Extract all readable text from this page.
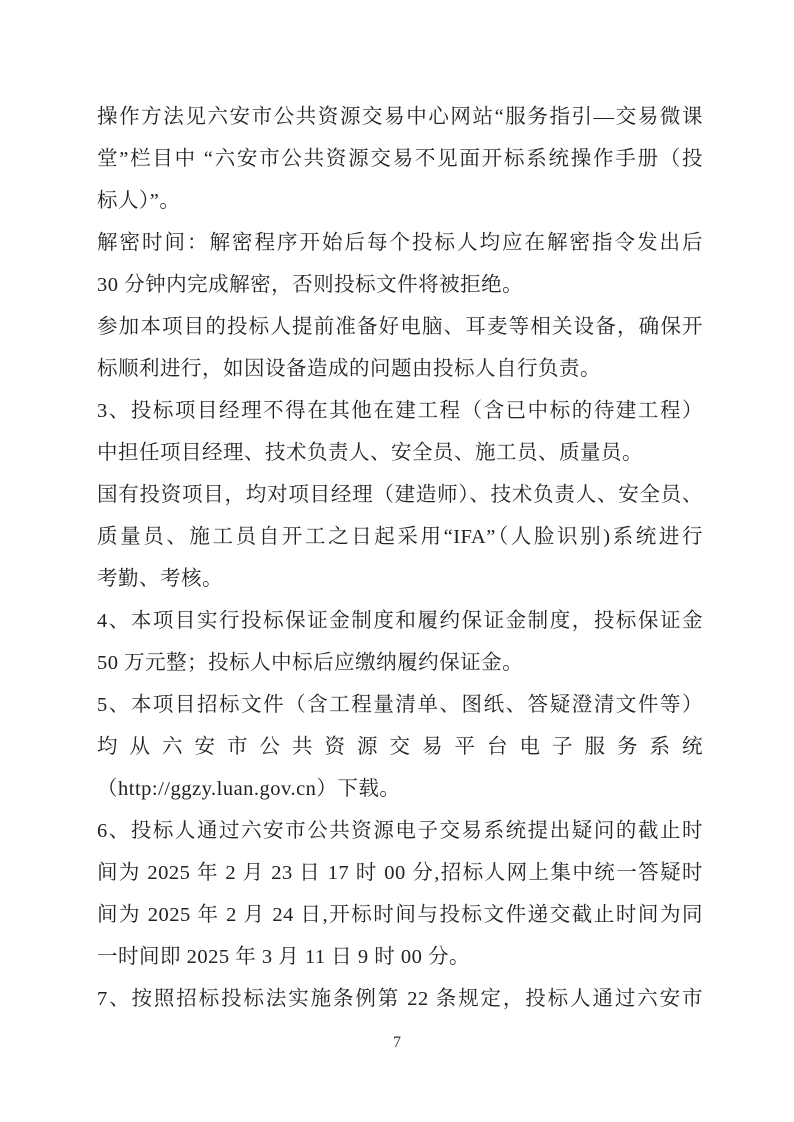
操作方法见六安市公共资源交易中心网站“服务指引—交易微课
堂”栏目中 “六安市公共资源交易不见面开标系统操作手册（投
标人）”。
解密时间：解密程序开始后每个投标人均应在解密指令发出后
30 分钟内完成解密，否则投标文件将被拒绝。
参加本项目的投标人提前准备好电脑、耳麦等相关设备，确保开
标顺利进行，如因设备造成的问题由投标人自行负责。
3、投标项目经理不得在其他在建工程（含已中标的待建工程）
中担任项目经理、技术负责人、安全员、施工员、质量员。
国有投资项目，均对项目经理（建造师）、技术负责人、安全员、
质量员、施工员自开工之日起采用“IFA”（人脸识别)系统进行
考勤、考核。
4、本项目实行投标保证金制度和履约保证金制度，投标保证金
50 万元整；投标人中标后应缴纳履约保证金。
5、本项目招标文件（含工程量清单、图纸、答疑澄清文件等）
均从六安市公共资源交易平台电子服务系统
（http://ggzy.luan.gov.cn）下载。
6、投标人通过六安市公共资源电子交易系统提出疑问的截止时
间为 2025 年 2 月 23 日 17 时 00 分,招标人网上集中统一答疑时
间为 2025 年 2 月 24 日,开标时间与投标文件递交截止时间为同
一时间即 2025 年 3 月 11 日 9 时 00 分。
7、按照招标投标法实施条例第 22 条规定，投标人通过六安市
7
